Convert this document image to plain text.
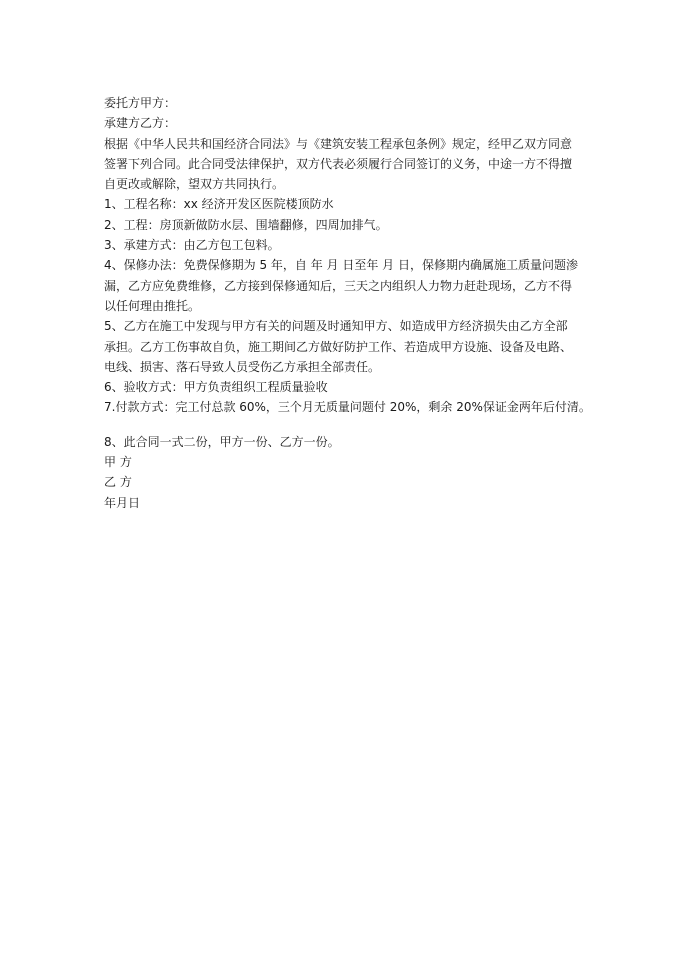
委托方甲方：
承建方乙方：
根据《中华人民共和国经济合同法》与《建筑安装工程承包条例》规定，经甲乙双方同意
签署下列合同。此合同受法律保护，双方代表必须履行合同签订的义务，中途一方不得擅
自更改或解除，望双方共同执行。
1、工程名称：xx 经济开发区医院楼顶防水
2、工程：房顶新做防水层、围墙翻修，四周加排气。
3、承建方式：由乙方包工包料。
4、保修办法：免费保修期为 5 年，自 年 月 日至年 月 日，保修期内确属施工质量问题渗
漏，乙方应免费维修，乙方接到保修通知后，三天之内组织人力物力赶赴现场，乙方不得
以任何理由推托。
5、乙方在施工中发现与甲方有关的问题及时通知甲方、如造成甲方经济损失由乙方全部
承担。乙方工伤事故自负，施工期间乙方做好防护工作、若造成甲方设施、设备及电路、
电线、损害、落石导致人员受伤乙方承担全部责任。
6、验收方式：甲方负责组织工程质量验收
7.付款方式：完工付总款 60%，三个月无质量问题付 20%，剩余 20%保证金两年后付清。
8、此合同一式二份，甲方一份、乙方一份。
甲 方
乙 方
年月日
